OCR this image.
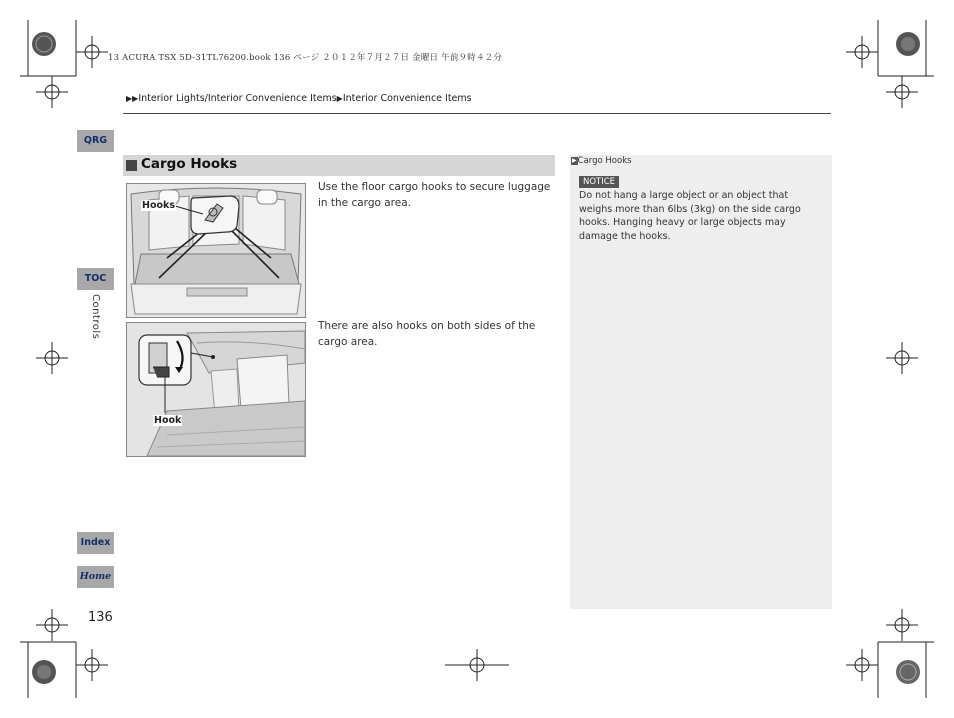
13 ACURA TSX 5D-31TL76200.book 136 ページ ２０１２年７月２７日 金曜日 午前９時４２分
▶▶Interior Lights/Interior Convenience Items▶Interior Convenience Items
QRG
TOC
Controls
Index
Home
136
Cargo Hooks
Hooks
Use the floor cargo hooks to secure luggage in the cargo area.
Hook
There are also hooks on both sides of the cargo area.
▶Cargo Hooks
NOTICE
Do not hang a large object or an object that weighs more than 6lbs (3kg) on the side cargo hooks. Hanging heavy or large objects may damage the hooks.
